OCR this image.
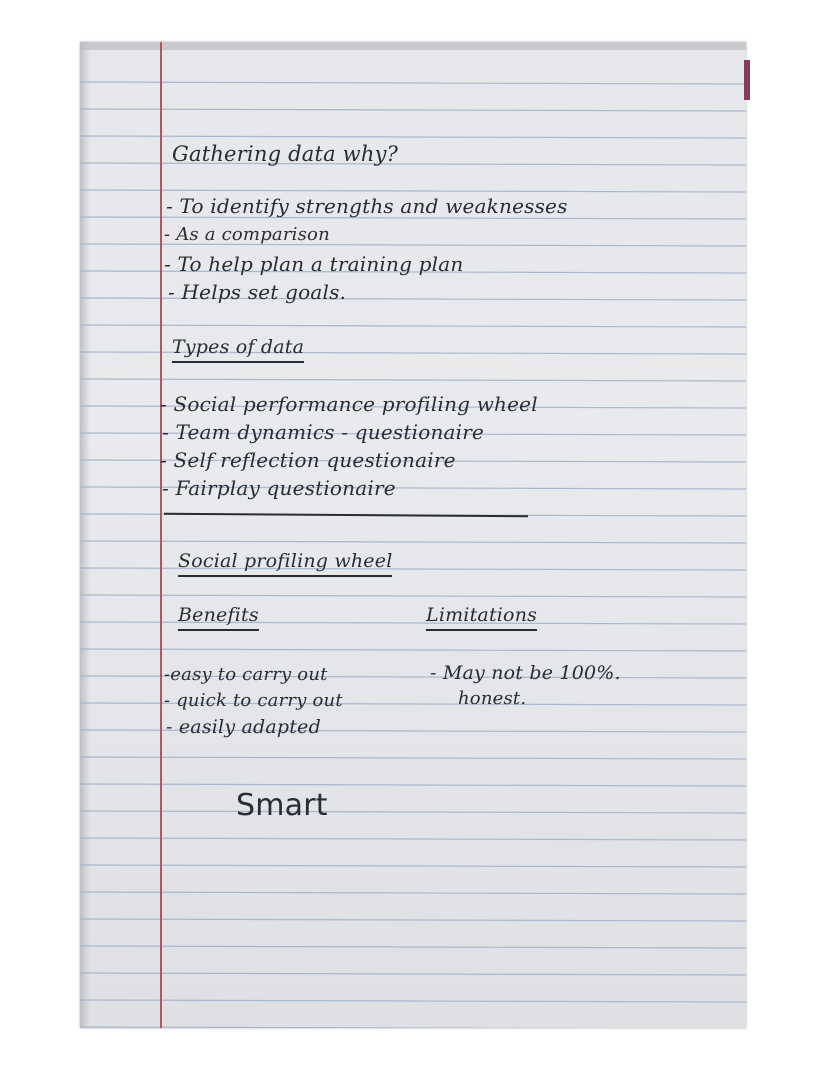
Gathering data why?

- To identify strengths and weaknesses

- As a comparison

- To help plan a training plan

- Helps set goals.

Types of data

- Social performance profiling wheel

- Team dynamics - questionaire

- Self reflection questionaire

- Fairplay questionaire

Social profiling wheel

Benefits	Limitations

-easy to carry out

- quick to carry out

- easily adapted

- May not be 100%.

honest.

Smart
